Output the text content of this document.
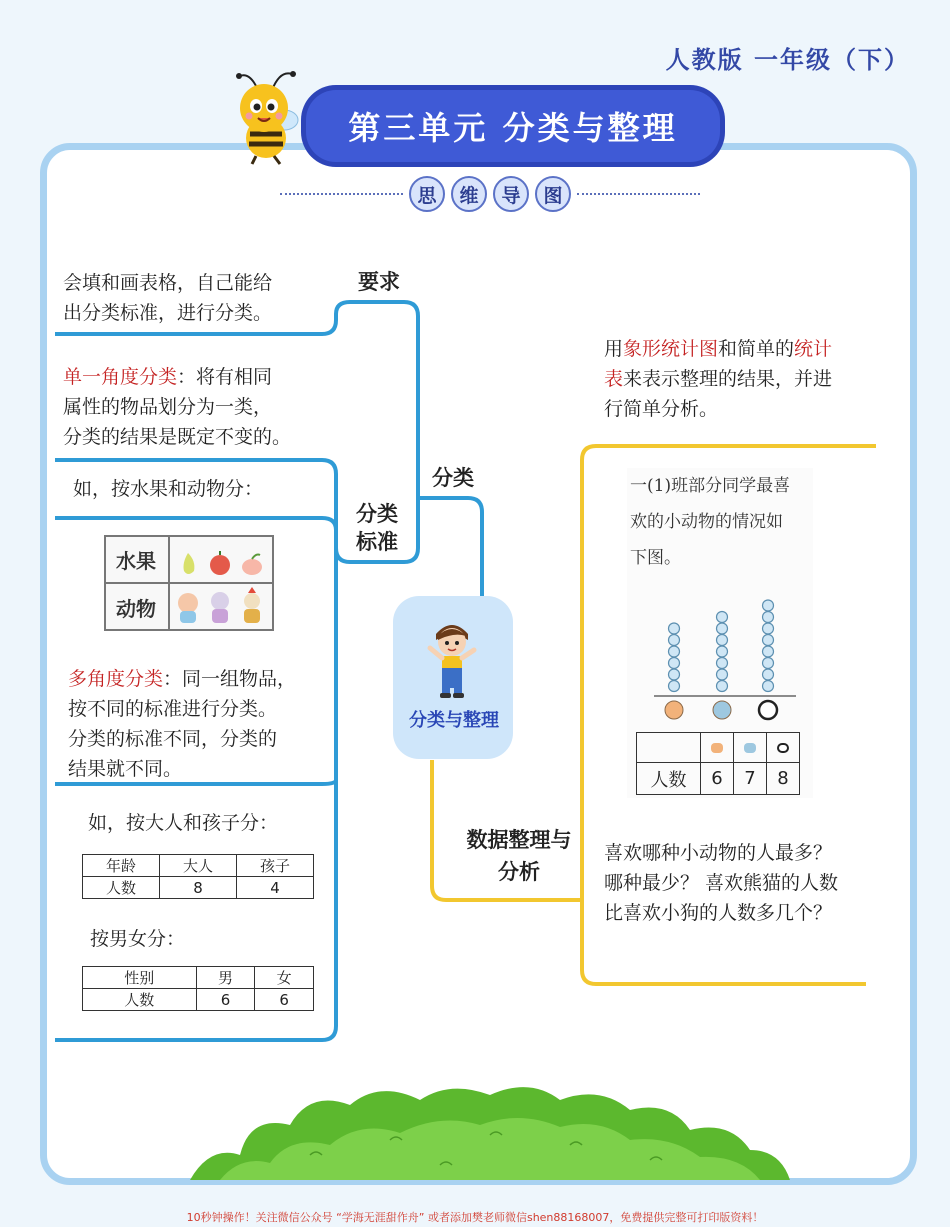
人教版 一年级（下）
第三单元 分类与整理
思	维	导	图
分类与整理
要求
分类
分类标准
数据整理与分析
会填和画表格，自己能给
出分类标准，进行分类。
单一角度分类：将有相同
属性的物品划分为一类，
分类的结果是既定不变的。
如，按水果和动物分：
水果
动物
多角度分类：同一组物品，
按不同的标准进行分类。
分类的标准不同，分类的
结果就不同。
如，按大人和孩子分：
年龄	大人	孩子
人数	8	4
按男女分：
性别	男	女
人数	6	6
用象形统计图和简单的统计
表来表示整理的结果，并进
行简单分析。
一(1)班部分同学最喜
欢的小动物的情况如
下图。

人数	6	7	8
喜欢哪种小动物的人最多？
哪种最少？ 喜欢熊猫的人数
比喜欢小狗的人数多几个？
10秒钟操作！关注微信公众号 “学海无涯甜作舟” 或者添加樊老师微信shen88168007，免费提供完整可打印版资料！
